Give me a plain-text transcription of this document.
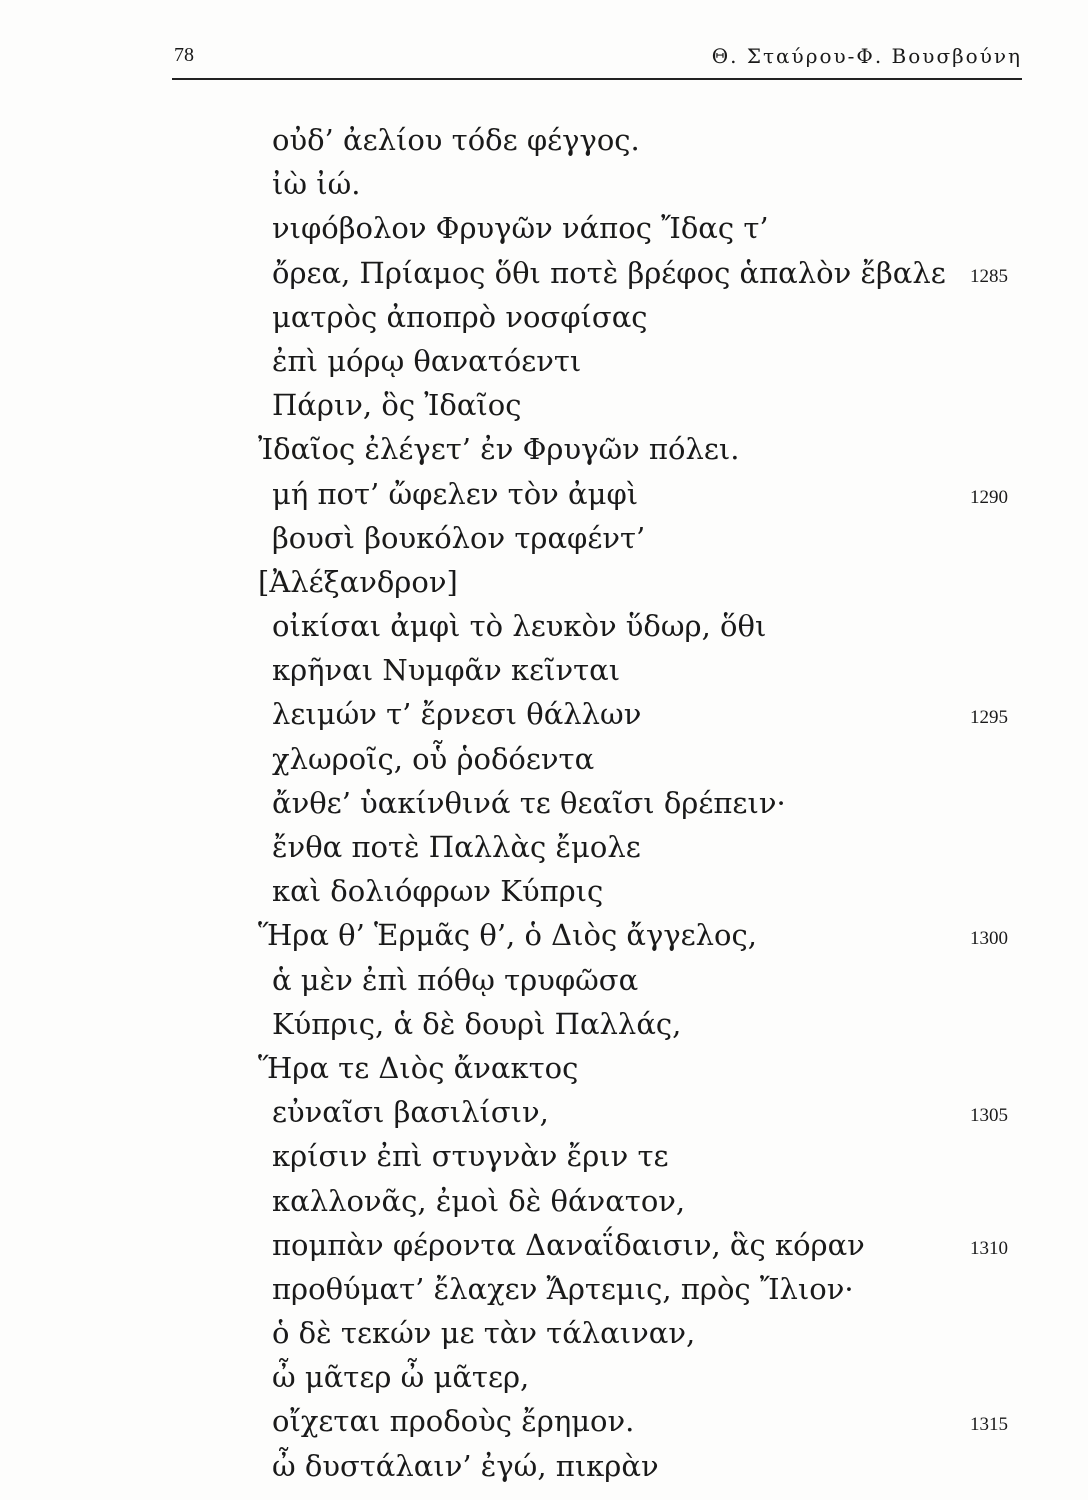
78	Θ. Σταύρου-Φ. Βουσβούνη
οὐδ’ ἀελίου τόδε φέγγος.
ἰὼ ἰώ.
νιφόβολον Φρυγῶν νάπος Ἴδας τ’
ὄρεα, Πρίαμος ὅθι ποτὲ βρέφος ἁπαλὸν ἔβαλε 1285
ματρὸς ἀποπρὸ νοσφίσας
ἐπὶ μόρῳ θανατόεντι
Πάριν, ὃς Ἰδαῖος
Ἰδαῖος ἐλέγετ’ ἐν Φρυγῶν πόλει.
μή ποτ’ ὤφελεν τὸν ἀμφὶ	1290
βουσὶ βουκόλον τραφέντ’
[Ἀλέξανδρον]
οἰκίσαι ἀμφὶ τὸ λευκὸν ὕδωρ, ὅθι
κρῆναι Νυμφᾶν κεῖνται
λειμών τ’ ἔρνεσι θάλλων	1295
χλωροῖς, οὗ ῥοδόεντα
ἄνθε’ ὑακίνθινά τε θεαῖσι δρέπειν·
ἔνθα ποτὲ Παλλὰς ἔμολε
καὶ δολιόφρων Κύπρις
Ἥρα θ’ Ἑρμᾶς θ’, ὁ Διὸς ἄγγελος,	1300
ἁ μὲν ἐπὶ πόθῳ τρυφῶσα
Κύπρις, ἁ δὲ δουρὶ Παλλάς,
Ἥρα τε Διὸς ἄνακτος
εὐναῖσι βασιλίσιν,	1305
κρίσιν ἐπὶ στυγνὰν ἔριν τε
καλλονᾶς, ἐμοὶ δὲ θάνατον,
πομπὰν φέροντα Δαναΐδαισιν, ἃς κόραν	1310
προθύματ’ ἔλαχεν Ἄρτεμις, πρὸς Ἴλιον·
ὁ δὲ τεκών με τὰν τάλαιναν,
ὦ μᾶτερ ὦ μᾶτερ,
οἴχεται προδοὺς ἔρημον.	1315
ὦ δυστάλαιν’ ἐγώ, πικρὰν
